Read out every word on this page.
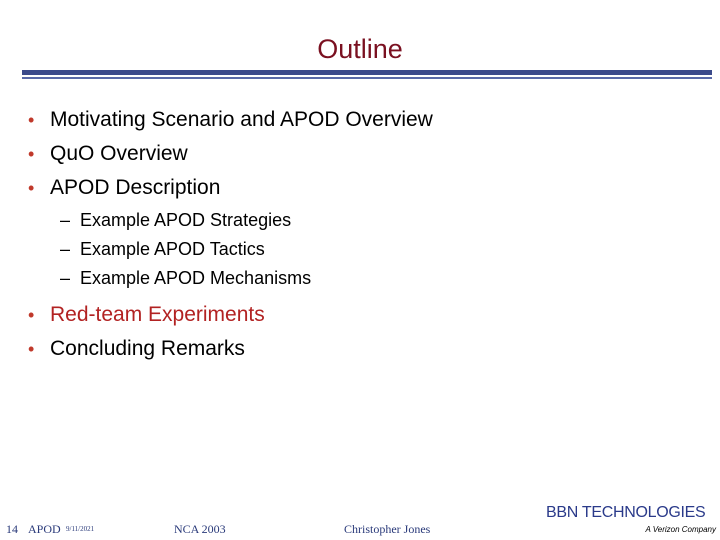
Outline
• Motivating Scenario and APOD Overview
• QuO Overview
• APOD Description
– Example APOD Strategies
– Example APOD Tactics
– Example APOD Mechanisms
• Red-team Experiments
• Concluding Remarks
14 APOD 9/11/2021	NCA 2003	Christopher Jones
BBN TECHNOLOGIES
A Verizon Company
